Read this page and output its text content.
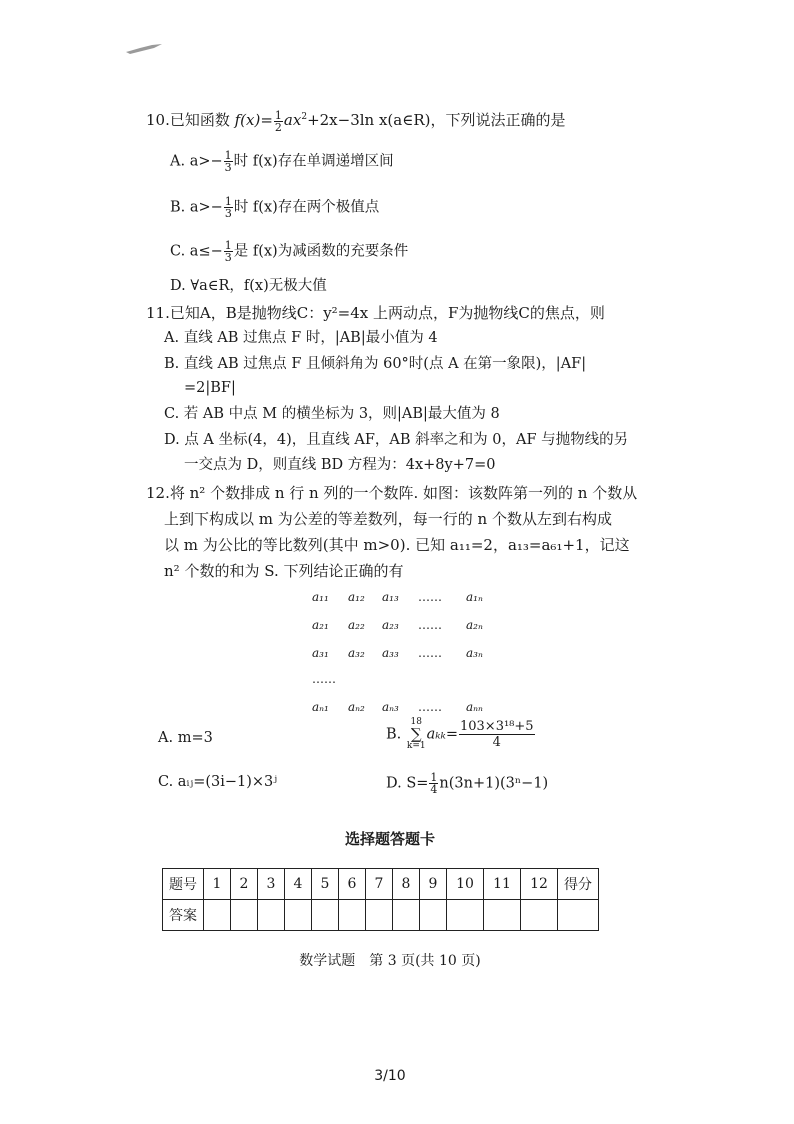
10.已知函数 $f(x)= \frac{1}{2} ax^2+2x-3\ln$ x(a∈R)，下列说法正确的是
A. $a>- \frac{1}{3}$ 时 f(x)存在单调递增区间
B. $a>- \frac{1}{3}$ 时 f(x)存在两个极值点
C. $a\le- \frac{1}{3}$ 是 f(x)为减函数的充要条件
D. ∀a∈R，f(x)无极大值
11.已知A，B是抛物线C：y²=4x 上两动点，F为抛物线C的焦点，则
A. 直线 AB 过焦点 F 时，|AB|最小值为 4
B. 直线 AB 过焦点 F 且倾斜角为 60°时(点 A 在第一象限)，|AF|
=2|BF|
C. 若 AB 中点 M 的横坐标为 3，则|AB|最大值为 8
D. 点 A 坐标(4，4)，且直线 AF，AB 斜率之和为 0，AF 与抛物线的另
一交点为 D，则直线 BD 方程为：4x+8y+7=0
12.将 n² 个数排成 n 行 n 列的一个数阵. 如图：该数阵第一列的 n 个数从
上到下构成以 m 为公差的等差数列，每一行的 n 个数从左到右构成
以 m 为公比的等比数列(其中 m>0). 已知 a₁₁=2，a₁₃=a₆₁+1，记这
n² 个数的和为 S. 下列结论正确的有
a₁₁ a₁₂ a₁₃ …… a₁ₙ
a₂₁ a₂₂ a₂₃ …… a₂ₙ
a₃₁ a₃₂ a₃₃ …… a₃ₙ
……
aₙ₁ aₙ₂ aₙ₃ …… aₙₙ
A. m=3	B.
18
∑
k=1
$a_{kk}= \frac{\text{103×3¹⁸+5}}{4}$
C. aᵢⱼ=(3i−1)×3ʲ	D. $S= \frac{1}{4} n(3n+1)(3^n-1)$
选择题答题卡
题号	1	2	3	4	5	6	7	8	9	10	11	12	得分
答案													
数学试题　第 3 页(共 10 页)
3/10
